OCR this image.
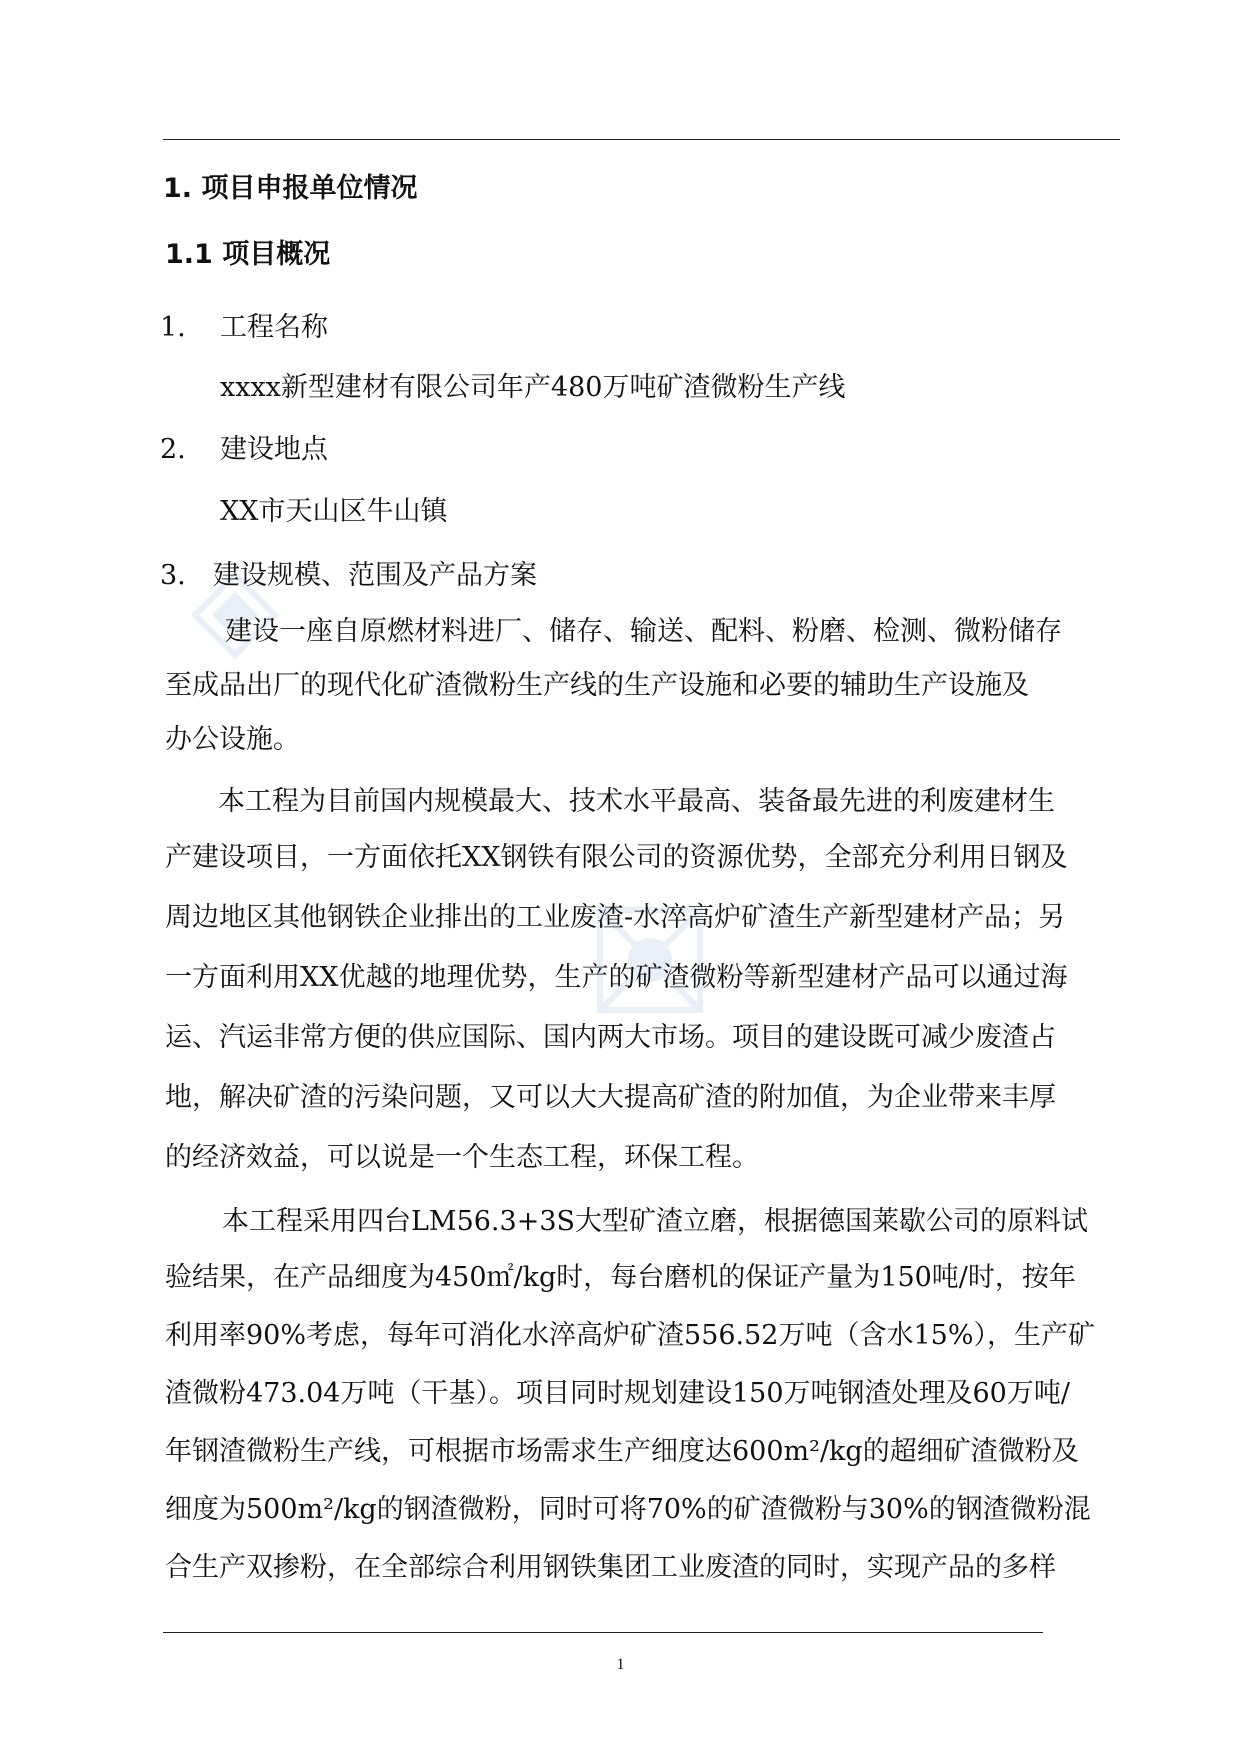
1. 项目申报单位情况
1.1 项目概况
1. 工程名称
xxxx新型建材有限公司年产480万吨矿渣微粉生产线
2. 建设地点
XX市天山区牛山镇
3. 建设规模、范围及产品方案
建设一座自原燃材料进厂、储存、输送、配料、粉磨、检测、微粉储存
至成品出厂的现代化矿渣微粉生产线的生产设施和必要的辅助生产设施及
办公设施。
本工程为目前国内规模最大、技术水平最高、装备最先进的利废建材生
产建设项目，一方面依托XX钢铁有限公司的资源优势，全部充分利用日钢及
周边地区其他钢铁企业排出的工业废渣-水淬高炉矿渣生产新型建材产品；另
一方面利用XX优越的地理优势，生产的矿渣微粉等新型建材产品可以通过海
运、汽运非常方便的供应国际、国内两大市场。项目的建设既可减少废渣占
地，解决矿渣的污染问题，又可以大大提高矿渣的附加值，为企业带来丰厚
的经济效益，可以说是一个生态工程，环保工程。
本工程采用四台LM56.3+3S大型矿渣立磨，根据德国莱歇公司的原料试
验结果，在产品细度为450㎡/kg时，每台磨机的保证产量为150吨/时，按年
利用率90%考虑，每年可消化水淬高炉矿渣556.52万吨（含水15%），生产矿
渣微粉473.04万吨（干基）。项目同时规划建设150万吨钢渣处理及60万吨/
年钢渣微粉生产线，可根据市场需求生产细度达600m²/kg的超细矿渣微粉及
细度为500m²/kg的钢渣微粉，同时可将70%的矿渣微粉与30%的钢渣微粉混
合生产双掺粉，在全部综合利用钢铁集团工业废渣的同时，实现产品的多样
1
